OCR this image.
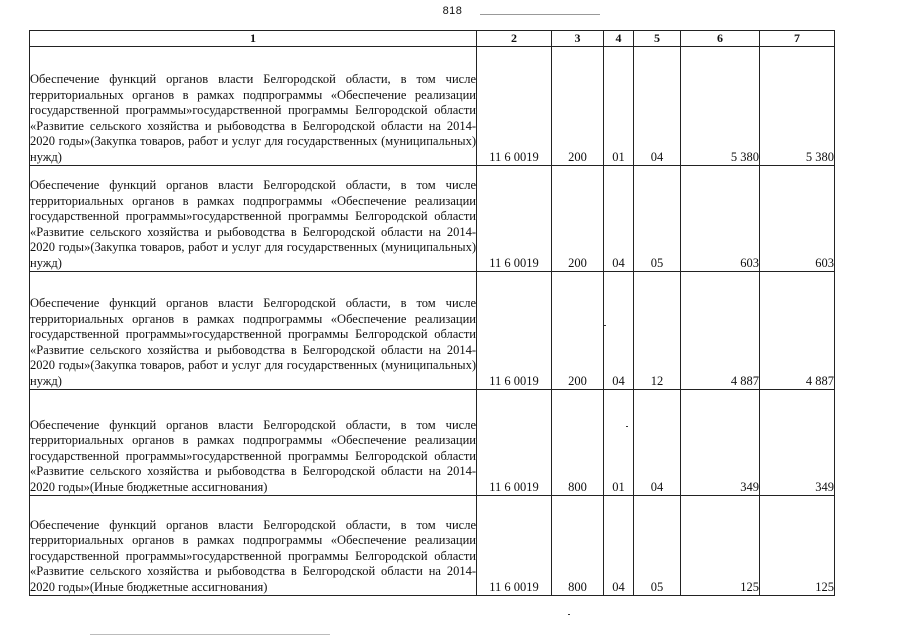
818
1	2	3	4	5	6	7
Обеспечение функций органов власти Белгородской области, в том числе территориальных органов в рамках подпрограммы «Обеспечение реализации государственной программы»государственной программы Белгородской области «Развитие сельского хозяйства и рыбоводства в Белгородской области на 2014-2020 годы»(Закупка товаров, работ и услуг для государственных (муниципальных) нужд)	11 6 0019	200	01	04	5 380	5 380
Обеспечение функций органов власти Белгородской области, в том числе территориальных органов в рамках подпрограммы «Обеспечение реализации государственной программы»государственной программы Белгородской области «Развитие сельского хозяйства и рыбоводства в Белгородской области на 2014-2020 годы»(Закупка товаров, работ и услуг для государственных (муниципальных) нужд)	11 6 0019	200	04	05	603	603
Обеспечение функций органов власти Белгородской области, в том числе территориальных органов в рамках подпрограммы «Обеспечение реализации государственной программы»государственной программы Белгородской области «Развитие сельского хозяйства и рыбоводства в Белгородской области на 2014-2020 годы»(Закупка товаров, работ и услуг для государственных (муниципальных) нужд)	11 6 0019	200	04	12	4 887	4 887
Обеспечение функций органов власти Белгородской области, в том числе территориальных органов в рамках подпрограммы «Обеспечение реализации государственной программы»государственной программы Белгородской области «Развитие сельского хозяйства и рыбоводства в Белгородской области на 2014-2020 годы»(Иные бюджетные ассигнования)	11 6 0019	800	01	04	349	349
Обеспечение функций органов власти Белгородской области, в том числе территориальных органов в рамках подпрограммы «Обеспечение реализации государственной программы»государственной программы Белгородской области «Развитие сельского хозяйства и рыбоводства в Белгородской области на 2014-2020 годы»(Иные бюджетные ассигнования)	11 6 0019	800	04	05	125	125
